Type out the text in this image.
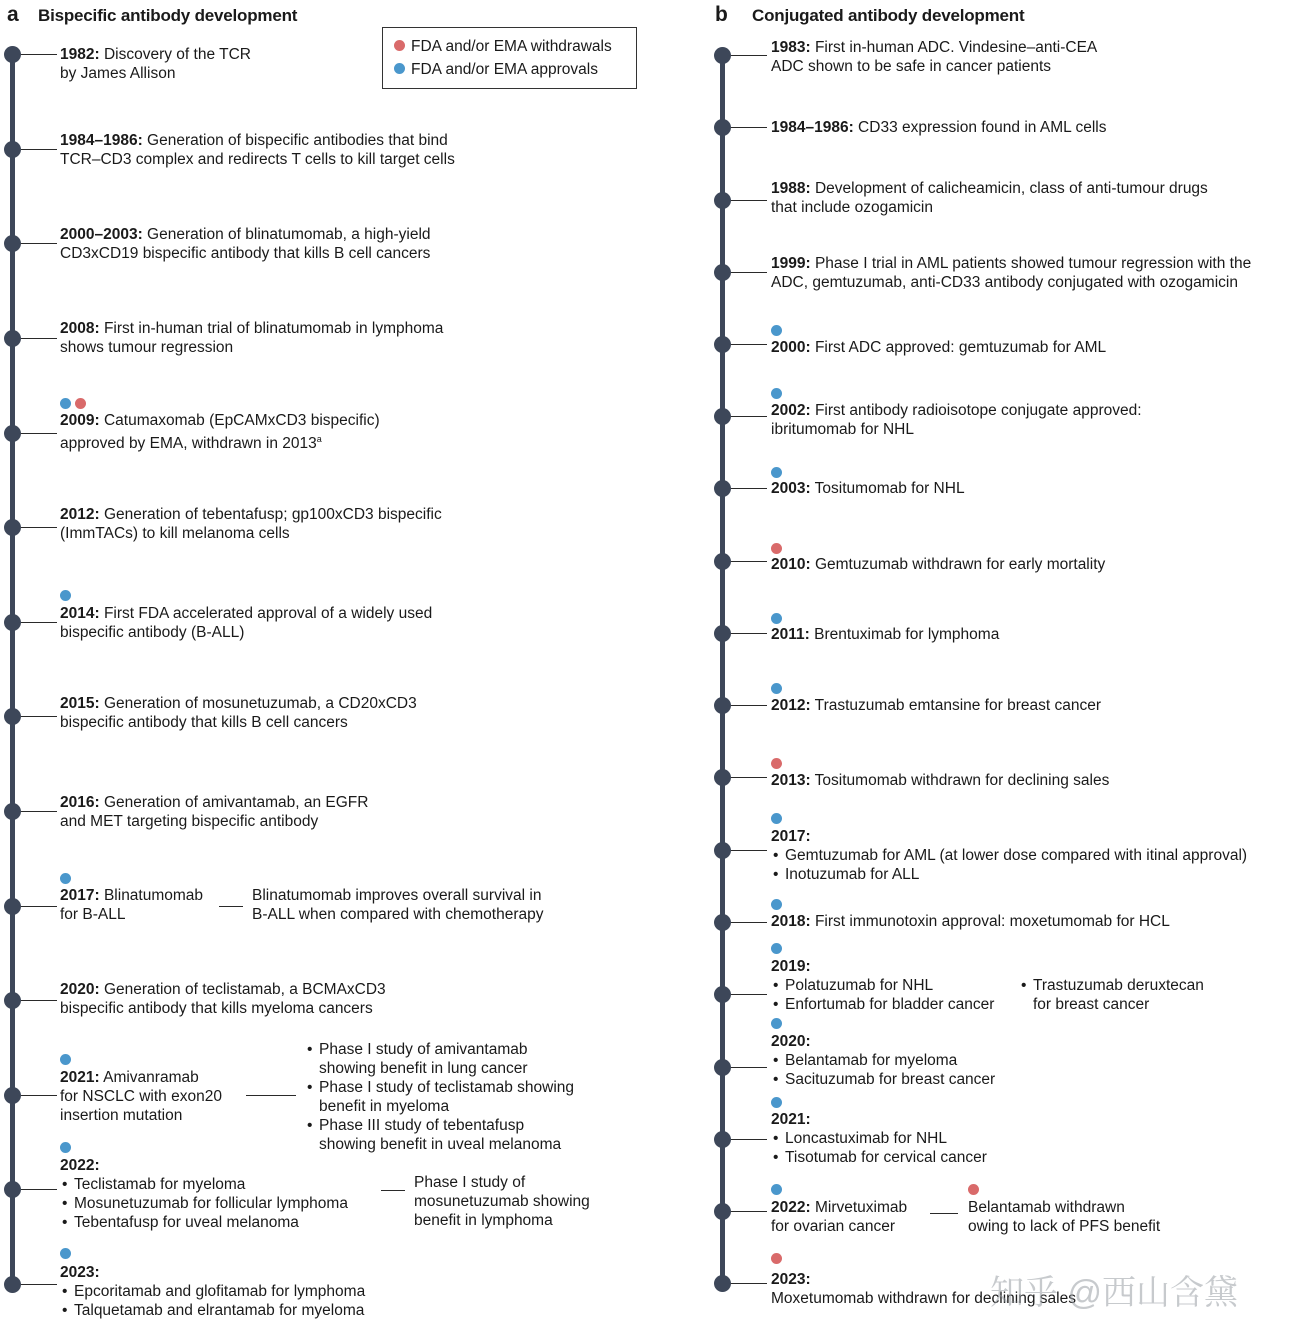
a Bispecific antibody development
FDA and/or EMA withdrawals
FDA and/or EMA approvals
1982: Discovery of the TCR
by James Allison
1984–1986: Generation of bispecific antibodies that bind
TCR–CD3 complex and redirects T cells to kill target cells
2000–2003: Generation of blinatumomab, a high-yield
CD3xCD19 bispecific antibody that kills B cell cancers
2008: First in-human trial of blinatumomab in lymphoma
shows tumour regression
2009: Catumaxomab (EpCAMxCD3 bispecific)
approved by EMA, withdrawn in 2013$^a$
2012: Generation of tebentafusp; gp100xCD3 bispecific
(ImmTACs) to kill melanoma cells
2014: First FDA accelerated approval of a widely used
bispecific antibody (B-ALL)
2015: Generation of mosunetuzumab, a CD20xCD3
bispecific antibody that kills B cell cancers
2016: Generation of amivantamab, an EGFR
and MET targeting bispecific antibody
2017: Blinatumomab
for B-ALL
Blinatumomab improves overall survival in
B-ALL when compared with chemotherapy
2020: Generation of teclistamab, a BCMAxCD3
bispecific antibody that kills myeloma cancers
2021: Amivanramab
for NSCLC with exon20
insertion mutation
• Phase I study of amivantamab
showing benefit in lung cancer
• Phase I study of teclistamab showing
benefit in myeloma
• Phase III study of tebentafusp
showing benefit in uveal melanoma
2022:
• Teclistamab for myeloma
• Mosunetuzumab for follicular lymphoma
• Tebentafusp for uveal melanoma
Phase I study of
mosunetuzumab showing
benefit in lymphoma
2023:
• Epcoritamab and glofitamab for lymphoma
• Talquetamab and elrantamab for myeloma
b Conjugated antibody development
1983: First in-human ADC. Vindesine–anti-CEA
ADC shown to be safe in cancer patients
1984–1986: CD33 expression found in AML cells
1988: Development of calicheamicin, class of anti-tumour drugs
that include ozogamicin
1999: Phase I trial in AML patients showed tumour regression with the
ADC, gemtuzumab, anti-CD33 antibody conjugated with ozogamicin
2000: First ADC approved: gemtuzumab for AML
2002: First antibody radioisotope conjugate approved:
ibritumomab for NHL
2003: Tositumomab for NHL
2010: Gemtuzumab withdrawn for early mortality
2011: Brentuximab for lymphoma
2012: Trastuzumab emtansine for breast cancer
2013: Tositumomab withdrawn for declining sales
2017:
• Gemtuzumab for AML (at lower dose compared with itinal approval)
• Inotuzumab for ALL
2018: First immunotoxin approval: moxetumomab for HCL
2019:
• Polatuzumab for NHL
• Enfortumab for bladder cancer
• Trastuzumab deruxtecan
for breast cancer
2020:
• Belantamab for myeloma
• Sacituzumab for breast cancer
2021:
• Loncastuximab for NHL
• Tisotumab for cervical cancer
2022: Mirvetuximab
for ovarian cancer
Belantamab withdrawn
owing to lack of PFS benefit
2023:
Moxetumomab withdrawn for declining sales
知乎 @西山含黛
